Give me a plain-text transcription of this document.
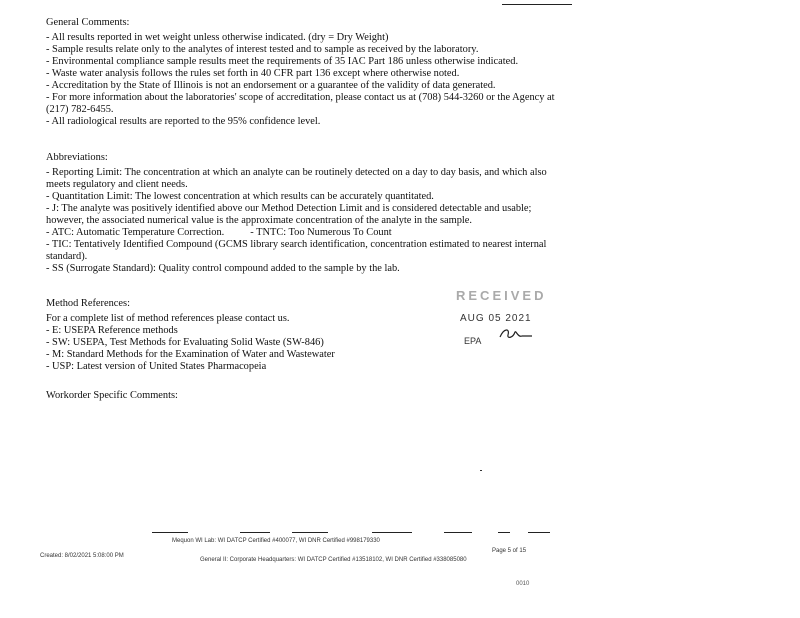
General Comments:
- All results reported in wet weight unless otherwise indicated. (dry = Dry Weight)
- Sample results relate only to the analytes of interest tested and to sample as received by the laboratory.
- Environmental compliance sample results meet the requirements of 35 IAC Part 186 unless otherwise indicated.
- Waste water analysis follows the rules set forth in 40 CFR part 136 except where otherwise noted.
- Accreditation by the State of Illinois is not an endorsement or a guarantee of the validity of data generated.
- For more information about the laboratories' scope of accreditation, please contact us at (708) 544-3260 or the Agency at (217) 782-6455.
- All radiological results are reported to the 95% confidence level.
Abbreviations:
- Reporting Limit: The concentration at which an analyte can be routinely detected on a day to day basis, and which also meets regulatory and client needs.
- Quantitation Limit: The lowest concentration at which results can be accurately quantitated.
- J: The analyte was positively identified above our Method Detection Limit and is considered detectable and usable; however, the associated numerical value is the approximate concentration of the analyte in the sample.
- ATC: Automatic Temperature Correction.          - TNTC: Too Numerous To Count
- TIC: Tentatively Identified Compound (GCMS library search identification, concentration estimated to nearest internal standard).
- SS (Surrogate Standard): Quality control compound added to the sample by the lab.
Method References:
For a complete list of method references please contact us.
- E: USEPA Reference methods
- SW: USEPA, Test Methods for Evaluating Solid Waste (SW-846)
- M: Standard Methods for the Examination of Water and Wastewater
- USP: Latest version of United States Pharmacopeia
Workorder Specific Comments:
RECEIVED
AUG 05 2021
EPA
Mequon WI Lab: WI DATCP Certified #400077, WI DNR Certified #998179330
Created: 8/02/2021 5:08:00 PM
General II: Corporate Headquarters: WI DATCP Certified #13518102, WI DNR Certified #338085080
Page 5 of 15
0010
